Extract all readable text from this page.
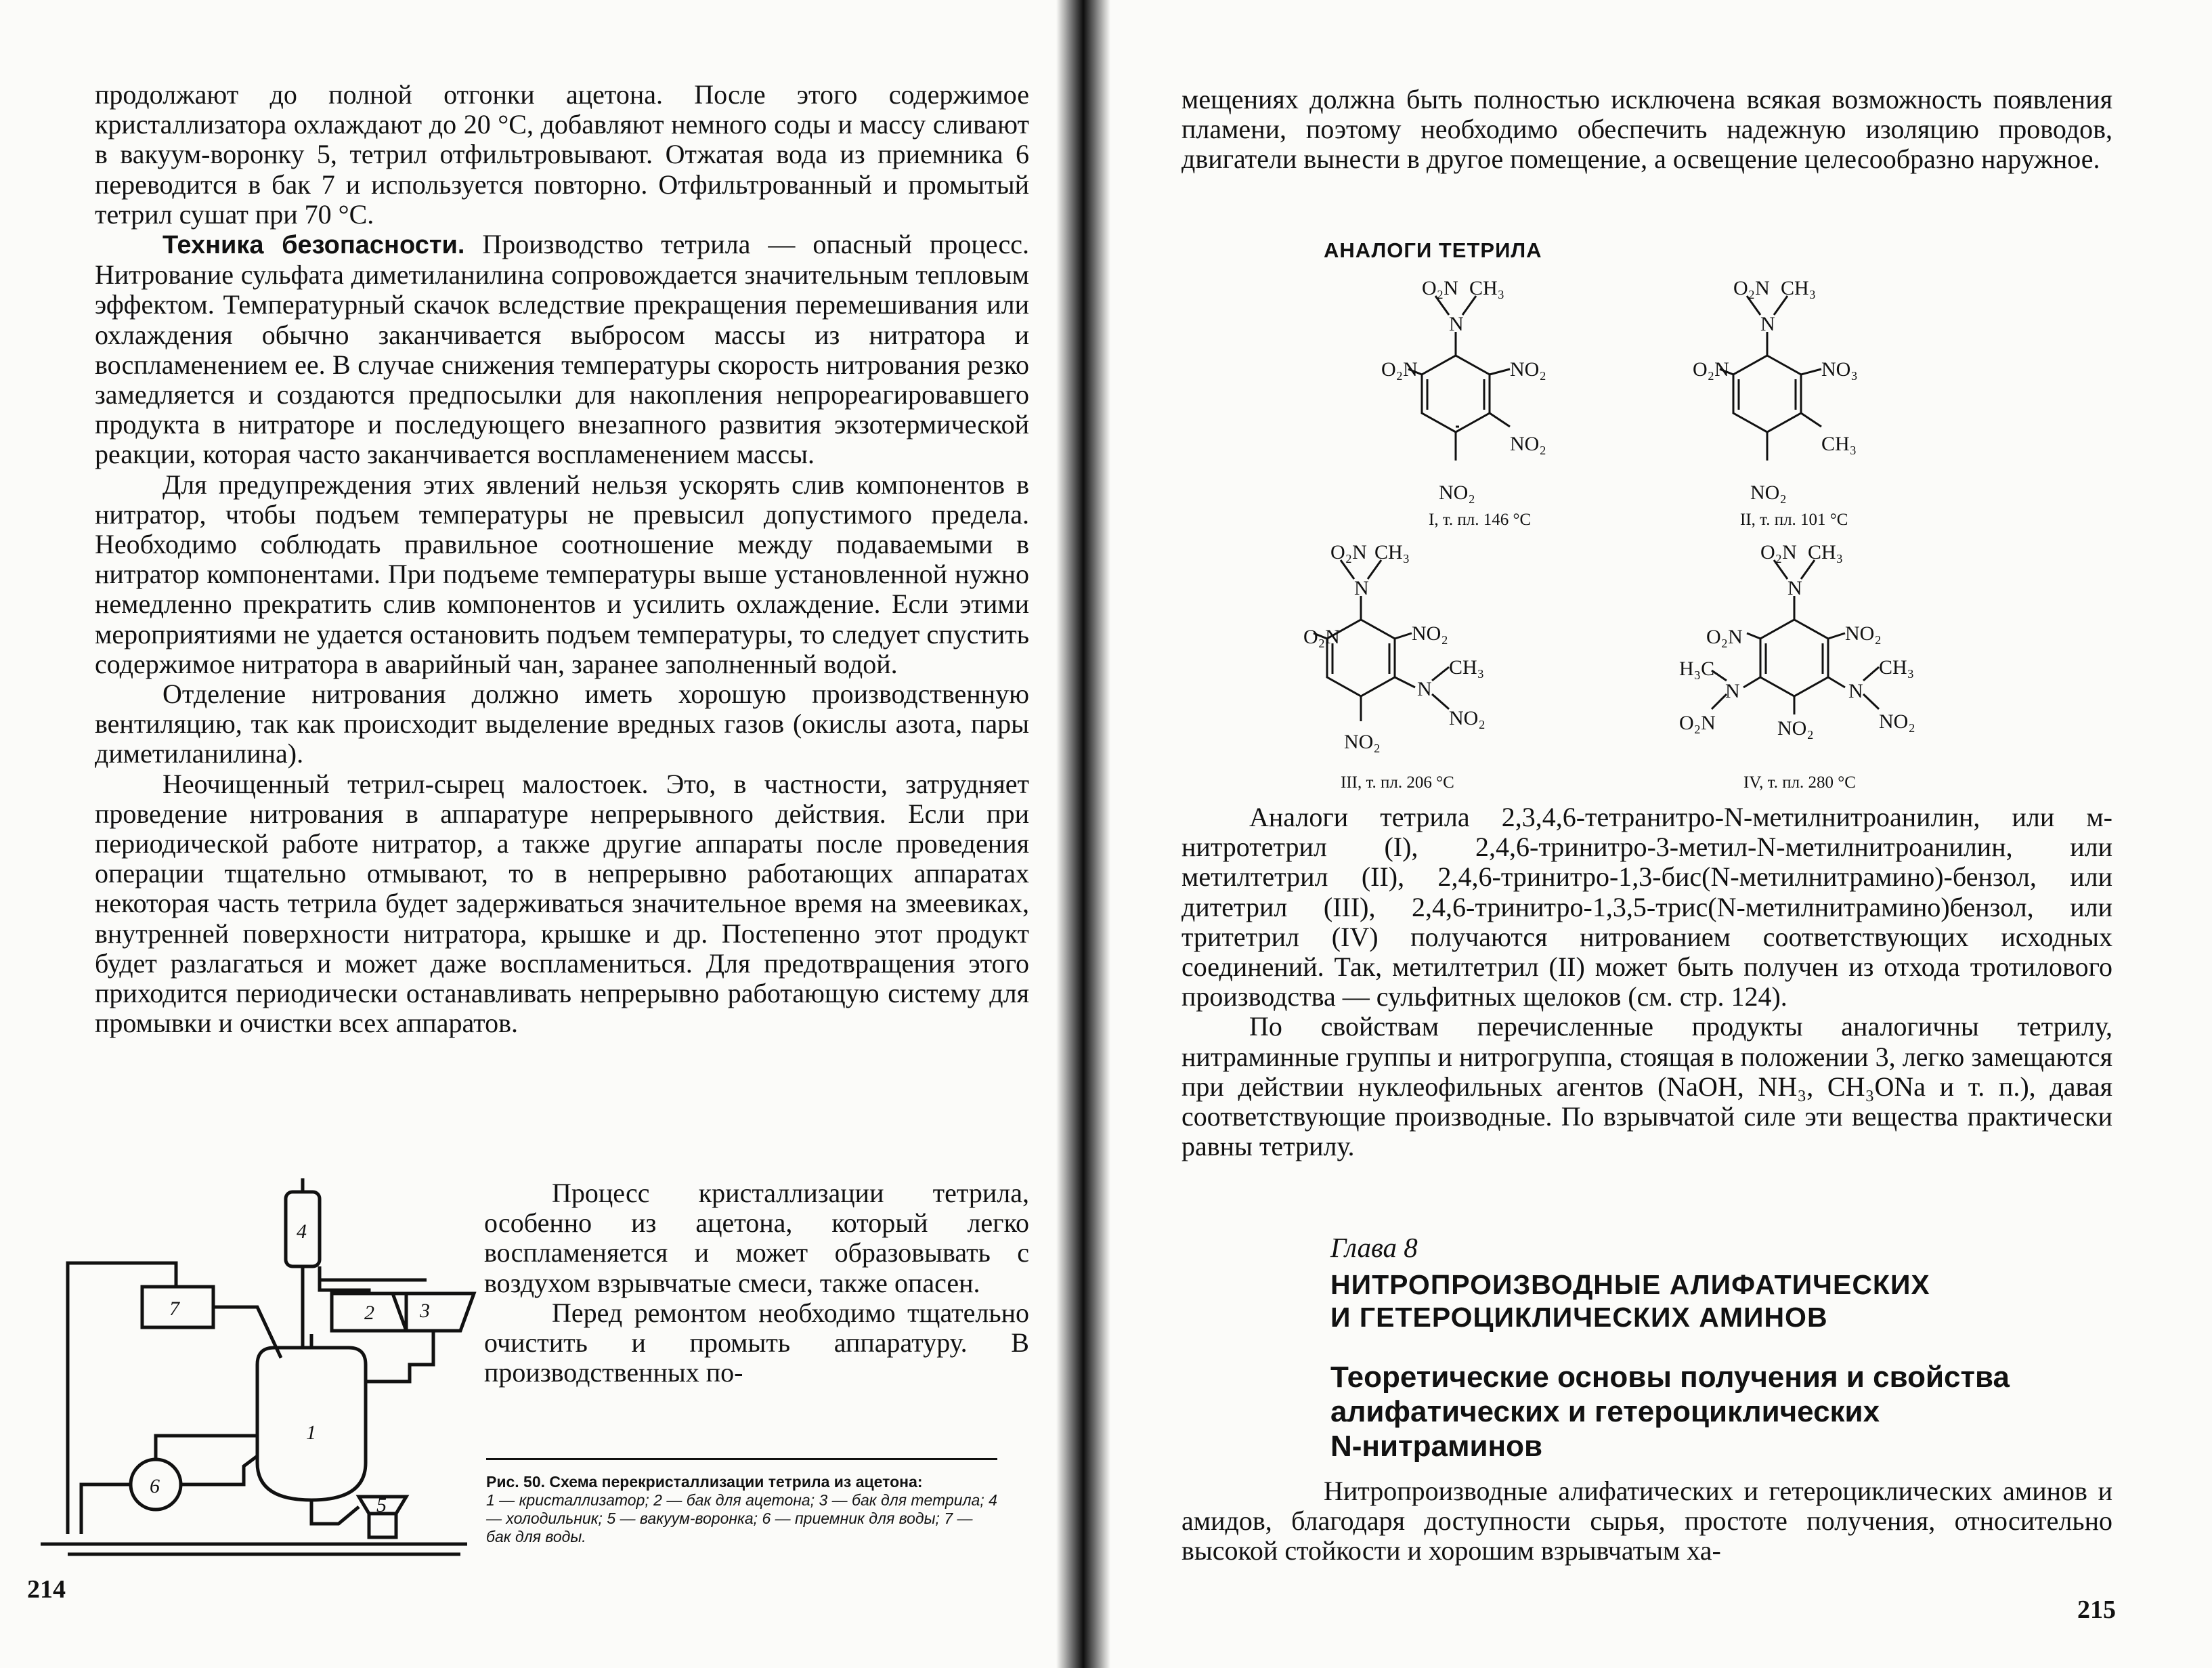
продолжают до полной отгонки ацетона. После этого содержимое кристаллизатора охлаждают до 20 °C, добавляют немного соды и массу сливают в вакуум-воронку 5, тетрил отфильтровывают. Отжатая вода из приемника 6 переводится в бак 7 и используется повторно. Отфильтрованный и промытый тетрил сушат при 70 °C.

Техника безопасности. Производство тетрила — опасный процесс. Нитрование сульфата диметиланилина сопровождается значительным тепловым эффектом. Температурный скачок вследствие прекращения перемешивания или охлаждения обычно заканчивается выбросом массы из нитратора и воспламенением ее. В случае снижения температуры скорость нитрования резко замедляется и создаются предпосылки для накопления непрореагировавшего продукта в нитраторе и последующего внезапного развития экзотермической реакции, которая часто заканчивается воспламенением массы.

Для предупреждения этих явлений нельзя ускорять слив компонентов в нитратор, чтобы подъем температуры не превысил допустимого предела. Необходимо соблюдать правильное соотношение между подаваемыми в нитратор компонентами. При подъеме температуры выше установленной нужно немедленно прекратить слив компонентов и усилить охлаждение. Если этими мероприятиями не удается остановить подъем температуры, то следует спустить содержимое нитратора в аварийный чан, заранее заполненный водой.

Отделение нитрования должно иметь хорошую производственную вентиляцию, так как происходит выделение вредных газов (окислы азота, пары диметиланилина).

Неочищенный тетрил-сырец малостоек. Это, в частности, затрудняет проведение нитрования в аппаратуре непрерывного действия. Если при периодической работе нитратор, а также другие аппараты после проведения операции тщательно отмывают, то в непрерывно работающих аппаратах некоторая часть тетрила будет задерживаться значительное время на змеевиках, внутренней поверхности нитратора, крышке и др. Постепенно этот продукт будет разлагаться и может даже воспламениться. Для предотвращения этого приходится периодически останавливать непрерывно работающую систему для промывки и очистки всех аппаратов.

Процесс кристаллизации тетрила, особенно из ацетона, который легко воспламеняется и может образовывать с воздухом взрывчатые смеси, также опасен.

Перед ремонтом необходимо тщательно очистить и промыть аппаратуру. В производственных по-

4
7	2 3
1
6
5
Рис. 50. Схема перекристаллизации тетрила из ацетона:
1 — кристаллизатор; 2 — бак для ацетона; 3 — бак для тетрила; 4 — холодильник; 5 — вакуум-воронка; 6 — приемник для воды; 7 — бак для воды.
214

мещениях должна быть полностью исключена всякая возможность появления пламени, поэтому необходимо обеспечить надежную изоляцию проводов, двигатели вынести в другое помещение, а освещение целесообразно наружное.

АНАЛОГИ ТЕТРИЛА
O₂N CH₃
N
O₂N	NO₂
NO₂
NO₂
I, т. пл. 146 °C
O₂N CH₃
N
O₂N	NO₃
CH₃
NO₂
II, т. пл. 101 °C
O₂N CH₃
N
O₂N	NO₂
N
CH₃
NO₂
NO₂
III, т. пл. 206 °C
O₂N CH₃
N
O₂N	NO₂
H₃C
N
O₂N
N
CH₃
NO₂
NO₂
IV, т. пл. 280 °C

Аналоги тетрила 2,3,4,6-тетранитро-N-метилнитроанилин, или м-нитротетрил (I), 2,4,6-тринитро-3-метил-N-метилнитроанилин, или метилтетрил (II), 2,4,6-тринитро-1,3-бис(N-метилнитрамино)-бензол, или дитетрил (III), 2,4,6-тринитро-1,3,5-трис(N-метилнитрамино)бензол, или тритетрил (IV) получаются нитрованием соответствующих исходных соединений. Так, метилтетрил (II) может быть получен из отхода тротилового производства — сульфитных щелоков (см. стр. 124).

По свойствам перечисленные продукты аналогичны тетрилу, нитраминные группы и нитрогруппа, стоящая в положении 3, легко замещаются при действии нуклеофильных агентов (NaOH, NH₃, CH₃ONa и т. п.), давая соответствующие производные. По взрывчатой силе эти вещества практически равны тетрилу.

Глава 8
НИТРОПРОИЗВОДНЫЕ АЛИФАТИЧЕСКИХ
И ГЕТЕРОЦИКЛИЧЕСКИХ АМИНОВ
Теоретические основы получения и свойства
алифатических и гетероциклических
N-нитраминов

Нитропроизводные алифатических и гетероциклических аминов и амидов, благодаря доступности сырья, простоте получения, относительно высокой стойкости и хорошим взрывчатым ха-

215
